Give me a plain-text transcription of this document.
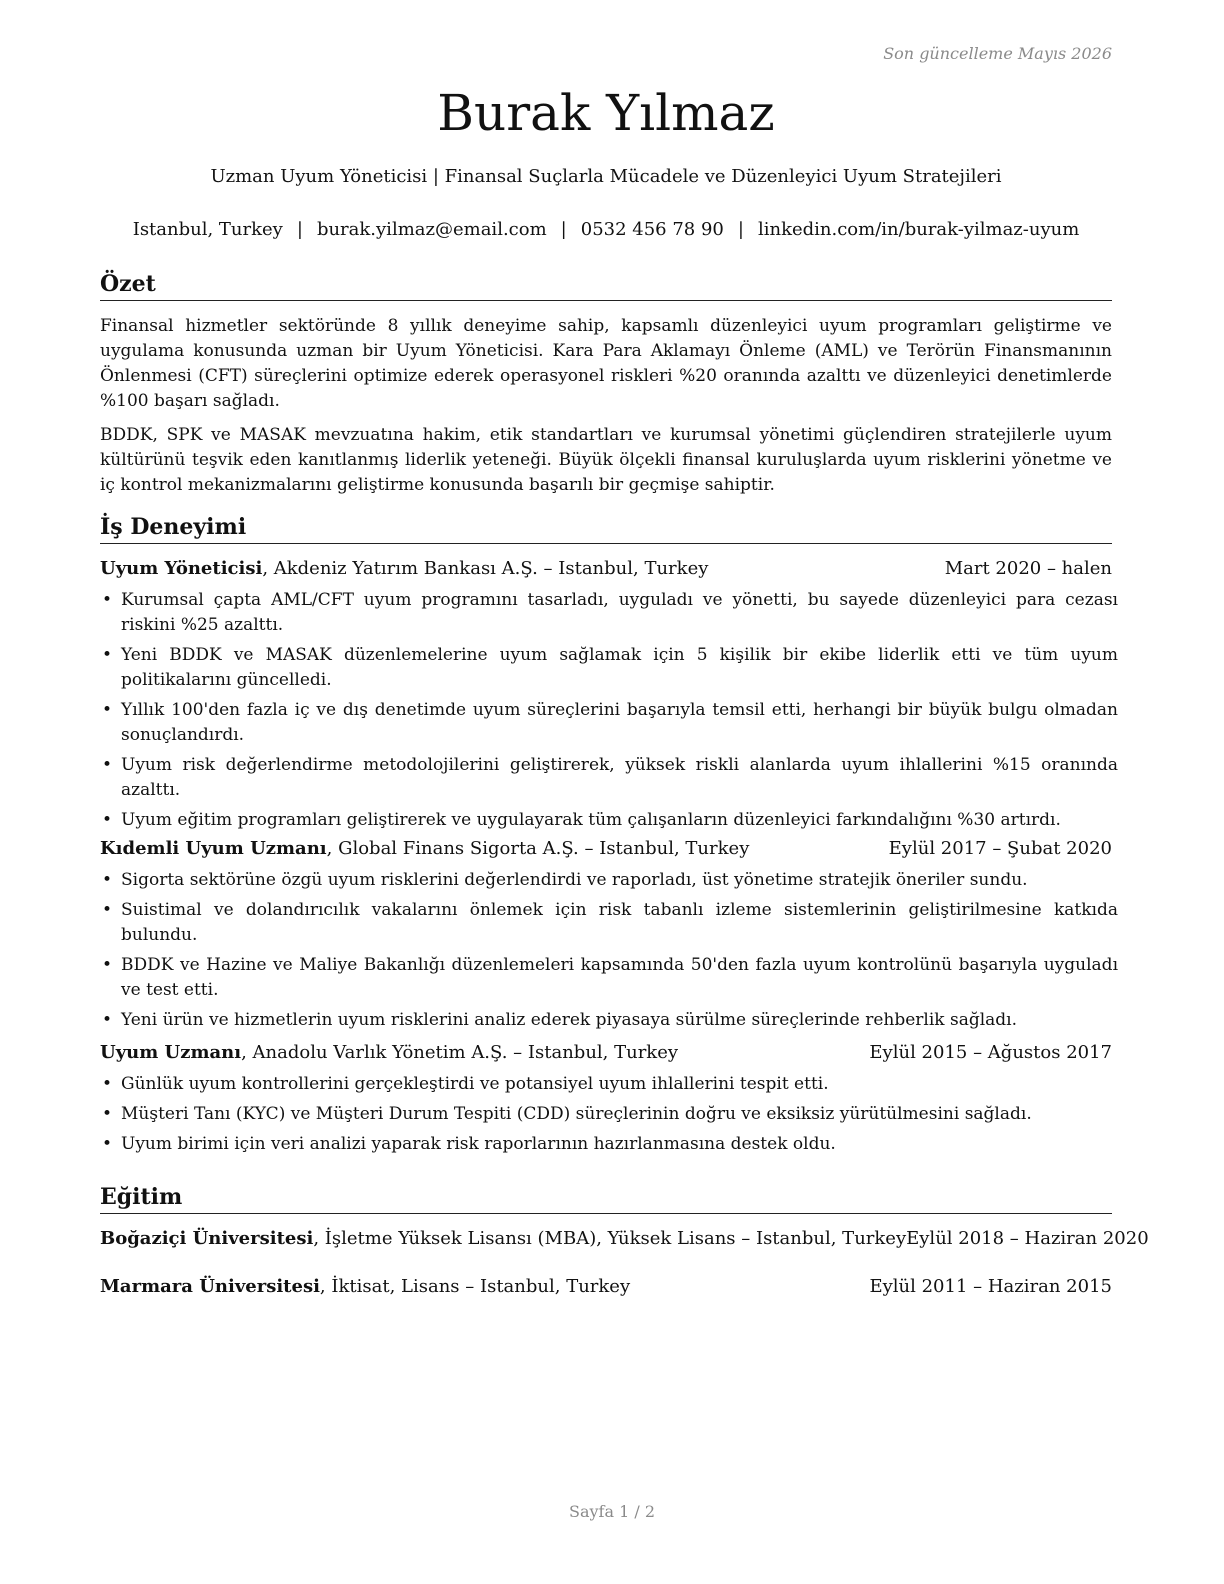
Son güncelleme Mayıs 2026
Burak Yılmaz
Uzman Uyum Yöneticisi | Finansal Suçlarla Mücadele ve Düzenleyici Uyum Stratejileri
Istanbul, Turkey | burak.yilmaz@email.com | 0532 456 78 90 | linkedin.com/in/burak-yilmaz-uyum
Özet
Finansal hizmetler sektöründe 8 yıllık deneyime sahip, kapsamlı düzenleyici uyum programları geliştirme ve uygulama konusunda uzman bir Uyum Yöneticisi. Kara Para Aklamayı Önleme (AML) ve Terörün Finansmanının Önlenmesi (CFT) süreçlerini optimize ederek operasyonel riskleri %20 oranında azalttı ve düzenleyici denetimlerde %100 başarı sağladı.
BDDK, SPK ve MASAK mevzuatına hakim, etik standartları ve kurumsal yönetimi güçlendiren stratejilerle uyum kültürünü teşvik eden kanıtlanmış liderlik yeteneği. Büyük ölçekli finansal kuruluşlarda uyum risklerini yönetme ve iç kontrol mekanizmalarını geliştirme konusunda başarılı bir geçmişe sahiptir.
İş Deneyimi
Uyum Yöneticisi, Akdeniz Yatırım Bankası A.Ş. – Istanbul, Turkey	Mart 2020 – halen
• Kurumsal çapta AML/CFT uyum programını tasarladı, uyguladı ve yönetti, bu sayede düzenleyici para cezası riskini %25 azalttı.
• Yeni BDDK ve MASAK düzenlemelerine uyum sağlamak için 5 kişilik bir ekibe liderlik etti ve tüm uyum politikalarını güncelledi.
• Yıllık 100'den fazla iç ve dış denetimde uyum süreçlerini başarıyla temsil etti, herhangi bir büyük bulgu olmadan sonuçlandırdı.
• Uyum risk değerlendirme metodolojilerini geliştirerek, yüksek riskli alanlarda uyum ihlallerini %15 oranında azalttı.
• Uyum eğitim programları geliştirerek ve uygulayarak tüm çalışanların düzenleyici farkındalığını %30 artırdı.
Kıdemli Uyum Uzmanı, Global Finans Sigorta A.Ş. – Istanbul, Turkey	Eylül 2017 – Şubat 2020
• Sigorta sektörüne özgü uyum risklerini değerlendirdi ve raporladı, üst yönetime stratejik öneriler sundu.
• Suistimal ve dolandırıcılık vakalarını önlemek için risk tabanlı izleme sistemlerinin geliştirilmesine katkıda bulundu.
• BDDK ve Hazine ve Maliye Bakanlığı düzenlemeleri kapsamında 50'den fazla uyum kontrolünü başarıyla uyguladı ve test etti.
• Yeni ürün ve hizmetlerin uyum risklerini analiz ederek piyasaya sürülme süreçlerinde rehberlik sağladı.
Uyum Uzmanı, Anadolu Varlık Yönetim A.Ş. – Istanbul, Turkey	Eylül 2015 – Ağustos 2017
• Günlük uyum kontrollerini gerçekleştirdi ve potansiyel uyum ihlallerini tespit etti.
• Müşteri Tanı (KYC) ve Müşteri Durum Tespiti (CDD) süreçlerinin doğru ve eksiksiz yürütülmesini sağladı.
• Uyum birimi için veri analizi yaparak risk raporlarının hazırlanmasına destek oldu.
Eğitim
Boğaziçi Üniversitesi, İşletme Yüksek Lisansı (MBA), Yüksek Lisans – Istanbul, Turkey Eylül 2018 – Haziran 2020
Marmara Üniversitesi, İktisat, Lisans – Istanbul, Turkey	Eylül 2011 – Haziran 2015
Sayfa 1 / 2
